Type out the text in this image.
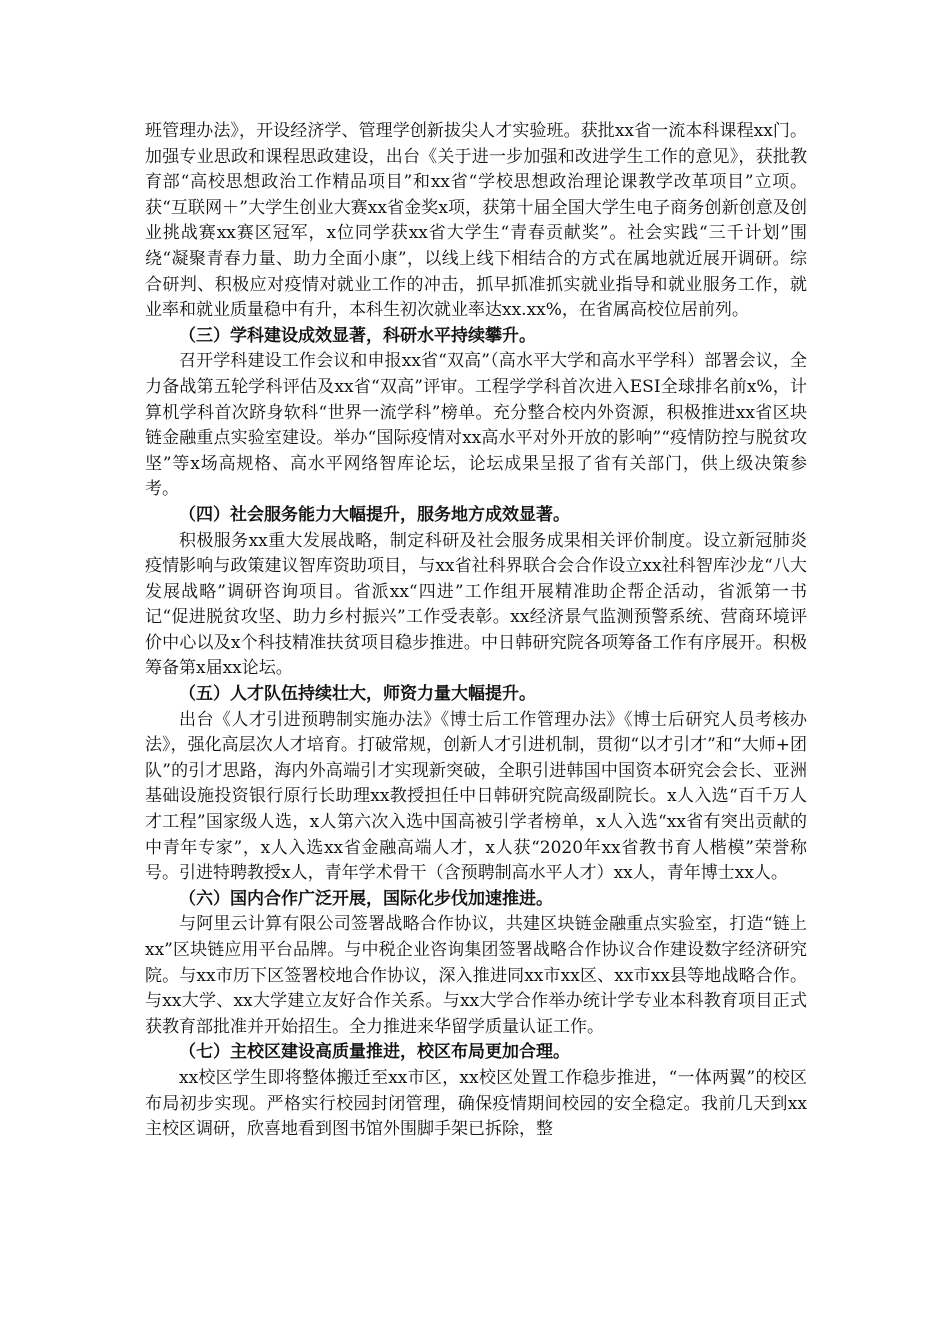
班管理办法》，开设经济学、管理学创新拔尖人才实验班。获批xx省一流本科课程xx门。加强专业思政和课程思政建设，出台《关于进一步加强和改进学生工作的意见》，获批教育部“高校思想政治工作精品项目”和xx省“学校思想政治理论课教学改革项目”立项。获“互联网＋”大学生创业大赛xx省金奖x项，获第十届全国大学生电子商务创新创意及创业挑战赛xx赛区冠军，x位同学获xx省大学生“青春贡献奖”。社会实践“三千计划”围绕“凝聚青春力量、助力全面小康”，以线上线下相结合的方式在属地就近展开调研。综合研判、积极应对疫情对就业工作的冲击，抓早抓准抓实就业指导和就业服务工作，就业率和就业质量稳中有升，本科生初次就业率达xx.xx%，在省属高校位居前列。

（三）学科建设成效显著，科研水平持续攀升。

召开学科建设工作会议和申报xx省“双高”（高水平大学和高水平学科）部署会议，全力备战第五轮学科评估及xx省“双高”评审。工程学学科首次进入ESI全球排名前x%，计算机学科首次跻身软科“世界一流学科”榜单。充分整合校内外资源，积极推进xx省区块链金融重点实验室建设。举办“国际疫情对xx高水平对外开放的影响”“疫情防控与脱贫攻坚”等x场高规格、高水平网络智库论坛，论坛成果呈报了省有关部门，供上级决策参考。

（四）社会服务能力大幅提升，服务地方成效显著。

积极服务xx重大发展战略，制定科研及社会服务成果相关评价制度。设立新冠肺炎疫情影响与政策建议智库资助项目，与xx省社科界联合会合作设立xx社科智库沙龙“八大发展战略”调研咨询项目。省派xx“四进”工作组开展精准助企帮企活动，省派第一书记“促进脱贫攻坚、助力乡村振兴”工作受表彰。xx经济景气监测预警系统、营商环境评价中心以及x个科技精准扶贫项目稳步推进。中日韩研究院各项筹备工作有序展开。积极筹备第x届xx论坛。

（五）人才队伍持续壮大，师资力量大幅提升。

出台《人才引进预聘制实施办法》《博士后工作管理办法》《博士后研究人员考核办法》，强化高层次人才培育。打破常规，创新人才引进机制，贯彻“以才引才”和“大师+团队”的引才思路，海内外高端引才实现新突破，全职引进韩国中国资本研究会会长、亚洲基础设施投资银行原行长助理xx教授担任中日韩研究院高级副院长。x人入选“百千万人才工程”国家级人选，x人第六次入选中国高被引学者榜单，x人入选“xx省有突出贡献的中青年专家”，x人入选xx省金融高端人才，x人获“2020年xx省教书育人楷模”荣誉称号。引进特聘教授x人，青年学术骨干（含预聘制高水平人才）xx人，青年博士xx人。

（六）国内合作广泛开展，国际化步伐加速推进。

与阿里云计算有限公司签署战略合作协议，共建区块链金融重点实验室，打造“链上xx”区块链应用平台品牌。与中税企业咨询集团签署战略合作协议合作建设数字经济研究院。与xx市历下区签署校地合作协议，深入推进同xx市xx区、xx市xx县等地战略合作。与xx大学、xx大学建立友好合作关系。与xx大学合作举办统计学专业本科教育项目正式获教育部批准并开始招生。全力推进来华留学质量认证工作。

（七）主校区建设高质量推进，校区布局更加合理。

xx校区学生即将整体搬迁至xx市区，xx校区处置工作稳步推进，“一体两翼”的校区布局初步实现。严格实行校园封闭管理，确保疫情期间校园的安全稳定。我前几天到xx主校区调研，欣喜地看到图书馆外围脚手架已拆除，整
